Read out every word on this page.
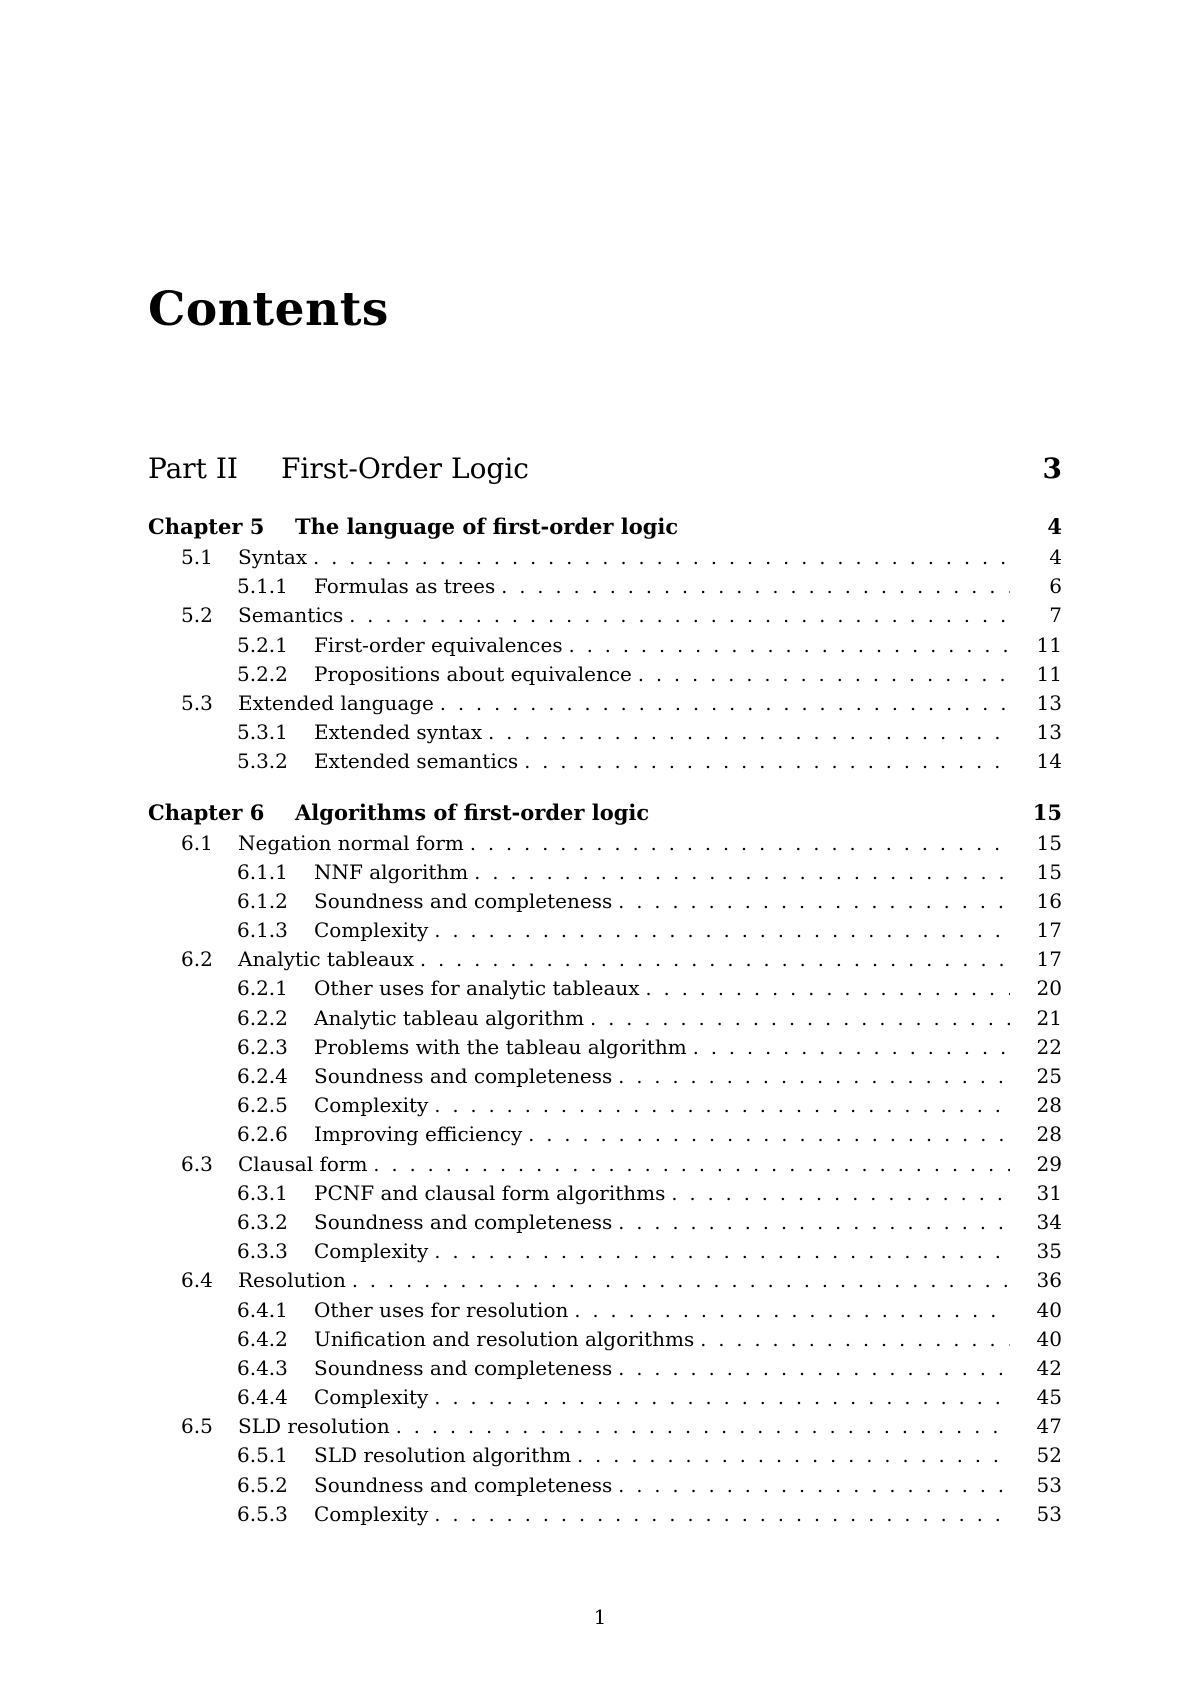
Contents
Part II	First-Order Logic	3
Chapter 5	The language of first-order logic	4
5.1	Syntax . . .	4
5.1.1	Formulas as trees . . .	6
5.2	Semantics . . .	7
5.2.1	First-order equivalences . . .	11
5.2.2	Propositions about equivalence . . .	11
5.3	Extended language . . .	13
5.3.1	Extended syntax . . .	13
5.3.2	Extended semantics . . .	14
Chapter 6	Algorithms of first-order logic	15
6.1	Negation normal form . . .	15
6.1.1	NNF algorithm . . .	15
6.1.2	Soundness and completeness . . .	16
6.1.3	Complexity . . .	17
6.2	Analytic tableaux . . .	17
6.2.1	Other uses for analytic tableaux . . .	20
6.2.2	Analytic tableau algorithm . . .	21
6.2.3	Problems with the tableau algorithm . . .	22
6.2.4	Soundness and completeness . . .	25
6.2.5	Complexity . . .	28
6.2.6	Improving efficiency . . .	28
6.3	Clausal form . . .	29
6.3.1	PCNF and clausal form algorithms . . .	31
6.3.2	Soundness and completeness . . .	34
6.3.3	Complexity . . .	35
6.4	Resolution . . .	36
6.4.1	Other uses for resolution . . .	40
6.4.2	Unification and resolution algorithms . . .	40
6.4.3	Soundness and completeness . . .	42
6.4.4	Complexity . . .	45
6.5	SLD resolution . . .	47
6.5.1	SLD resolution algorithm . . .	52
6.5.2	Soundness and completeness . . .	53
6.5.3	Complexity . . .	53
1
